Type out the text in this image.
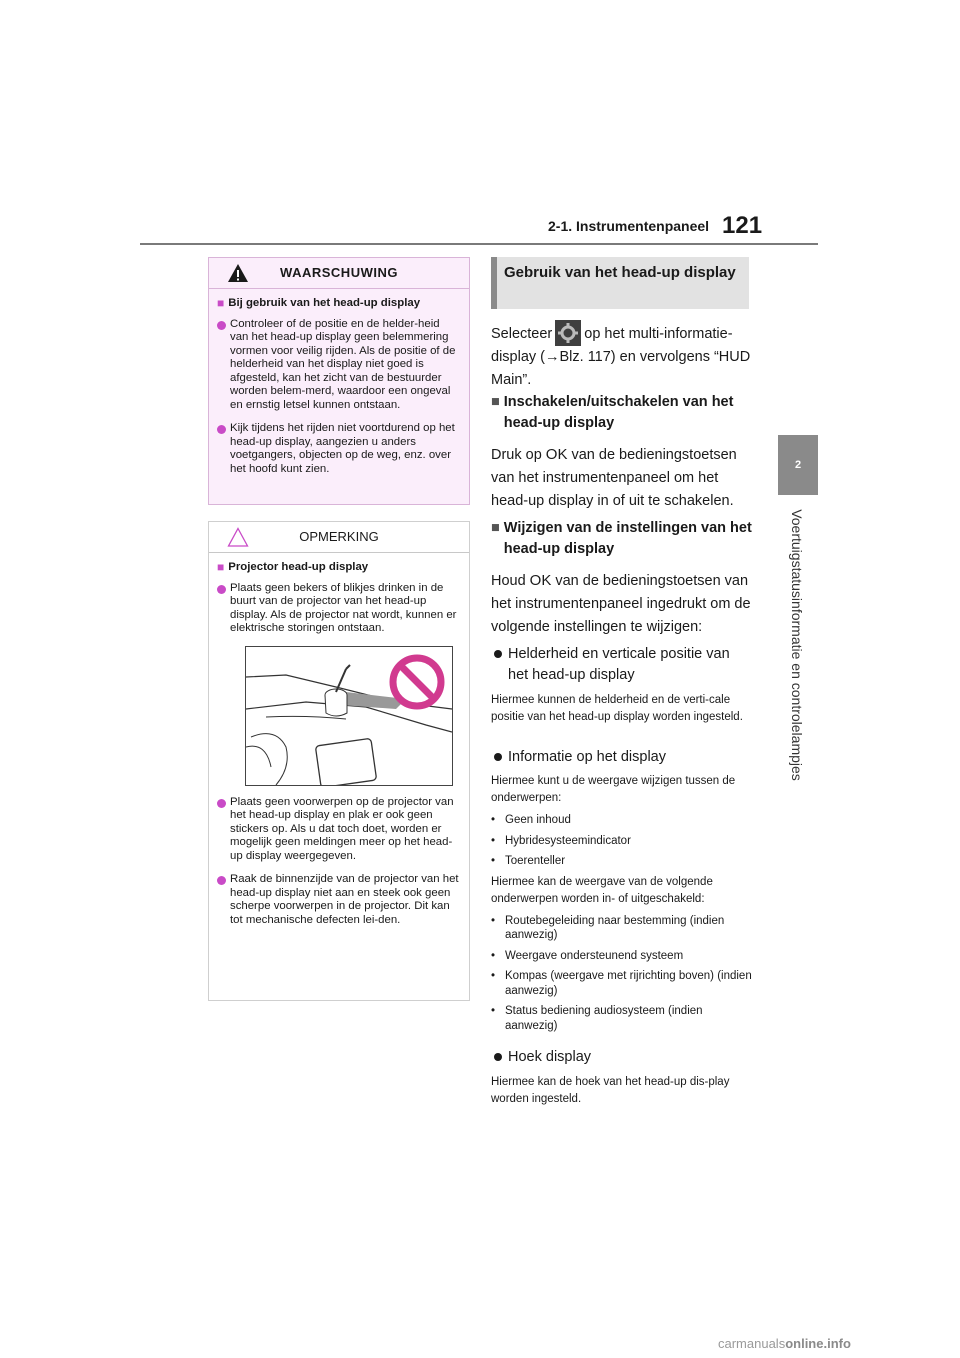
2-1. Instrumentenpaneel 121
2
Voertuigstatusinformatie en controlelampjes
WAARSCHUWING
■ Bij gebruik van het head-up display
Controleer of de positie en de helder-heid van het head-up display geen belemmering vormen voor veilig rijden. Als de positie of de helderheid van het display niet goed is afgesteld, kan het zicht van de bestuurder worden belem-merd, waardoor een ongeval en ernstig letsel kunnen ontstaan.
Kijk tijdens het rijden niet voortdurend op het head-up display, aangezien u anders voetgangers, objecten op de weg, enz. over het hoofd kunt zien.
OPMERKING
■ Projector head-up display
Plaats geen bekers of blikjes drinken in de buurt van de projector van het head-up display. Als de projector nat wordt, kunnen er elektrische storingen ontstaan.
Plaats geen voorwerpen op de projector van het head-up display en plak er ook geen stickers op. Als u dat toch doet, worden er mogelijk geen meldingen meer op het head-up display weergegeven.
Raak de binnenzijde van de projector van het head-up display niet aan en steek ook geen scherpe voorwerpen in de projector. Dit kan tot mechanische defecten lei-den.
Gebruik van het head-up display
Selecteer op het multi-informatie-display (→Blz. 117) en vervolgens “HUD Main”.
■ Inschakelen/uitschakelen van het head-up display
Druk op OK van de bedieningstoetsen van het instrumentenpaneel om het head-up display in of uit te schakelen.
■ Wijzigen van de instellingen van het head-up display
Houd OK van de bedieningstoetsen van het instrumentenpaneel ingedrukt om de volgende instellingen te wijzigen:
Helderheid en verticale positie van het head-up display
Hiermee kunnen de helderheid en de verti-cale positie van het head-up display worden ingesteld.
Informatie op het display
Hiermee kunt u de weergave wijzigen tussen de onderwerpen:
• Geen inhoud
• Hybridesysteemindicator
• Toerenteller
Hiermee kan de weergave van de volgende onderwerpen worden in- of uitgeschakeld:
• Routebegeleiding naar bestemming (indien aanwezig)
• Weergave ondersteunend systeem
• Kompas (weergave met rijrichting boven) (indien aanwezig)
• Status bediening audiosysteem (indien aanwezig)
Hoek display
Hiermee kan de hoek van het head-up dis-play worden ingesteld.
carmanualsonline.info
